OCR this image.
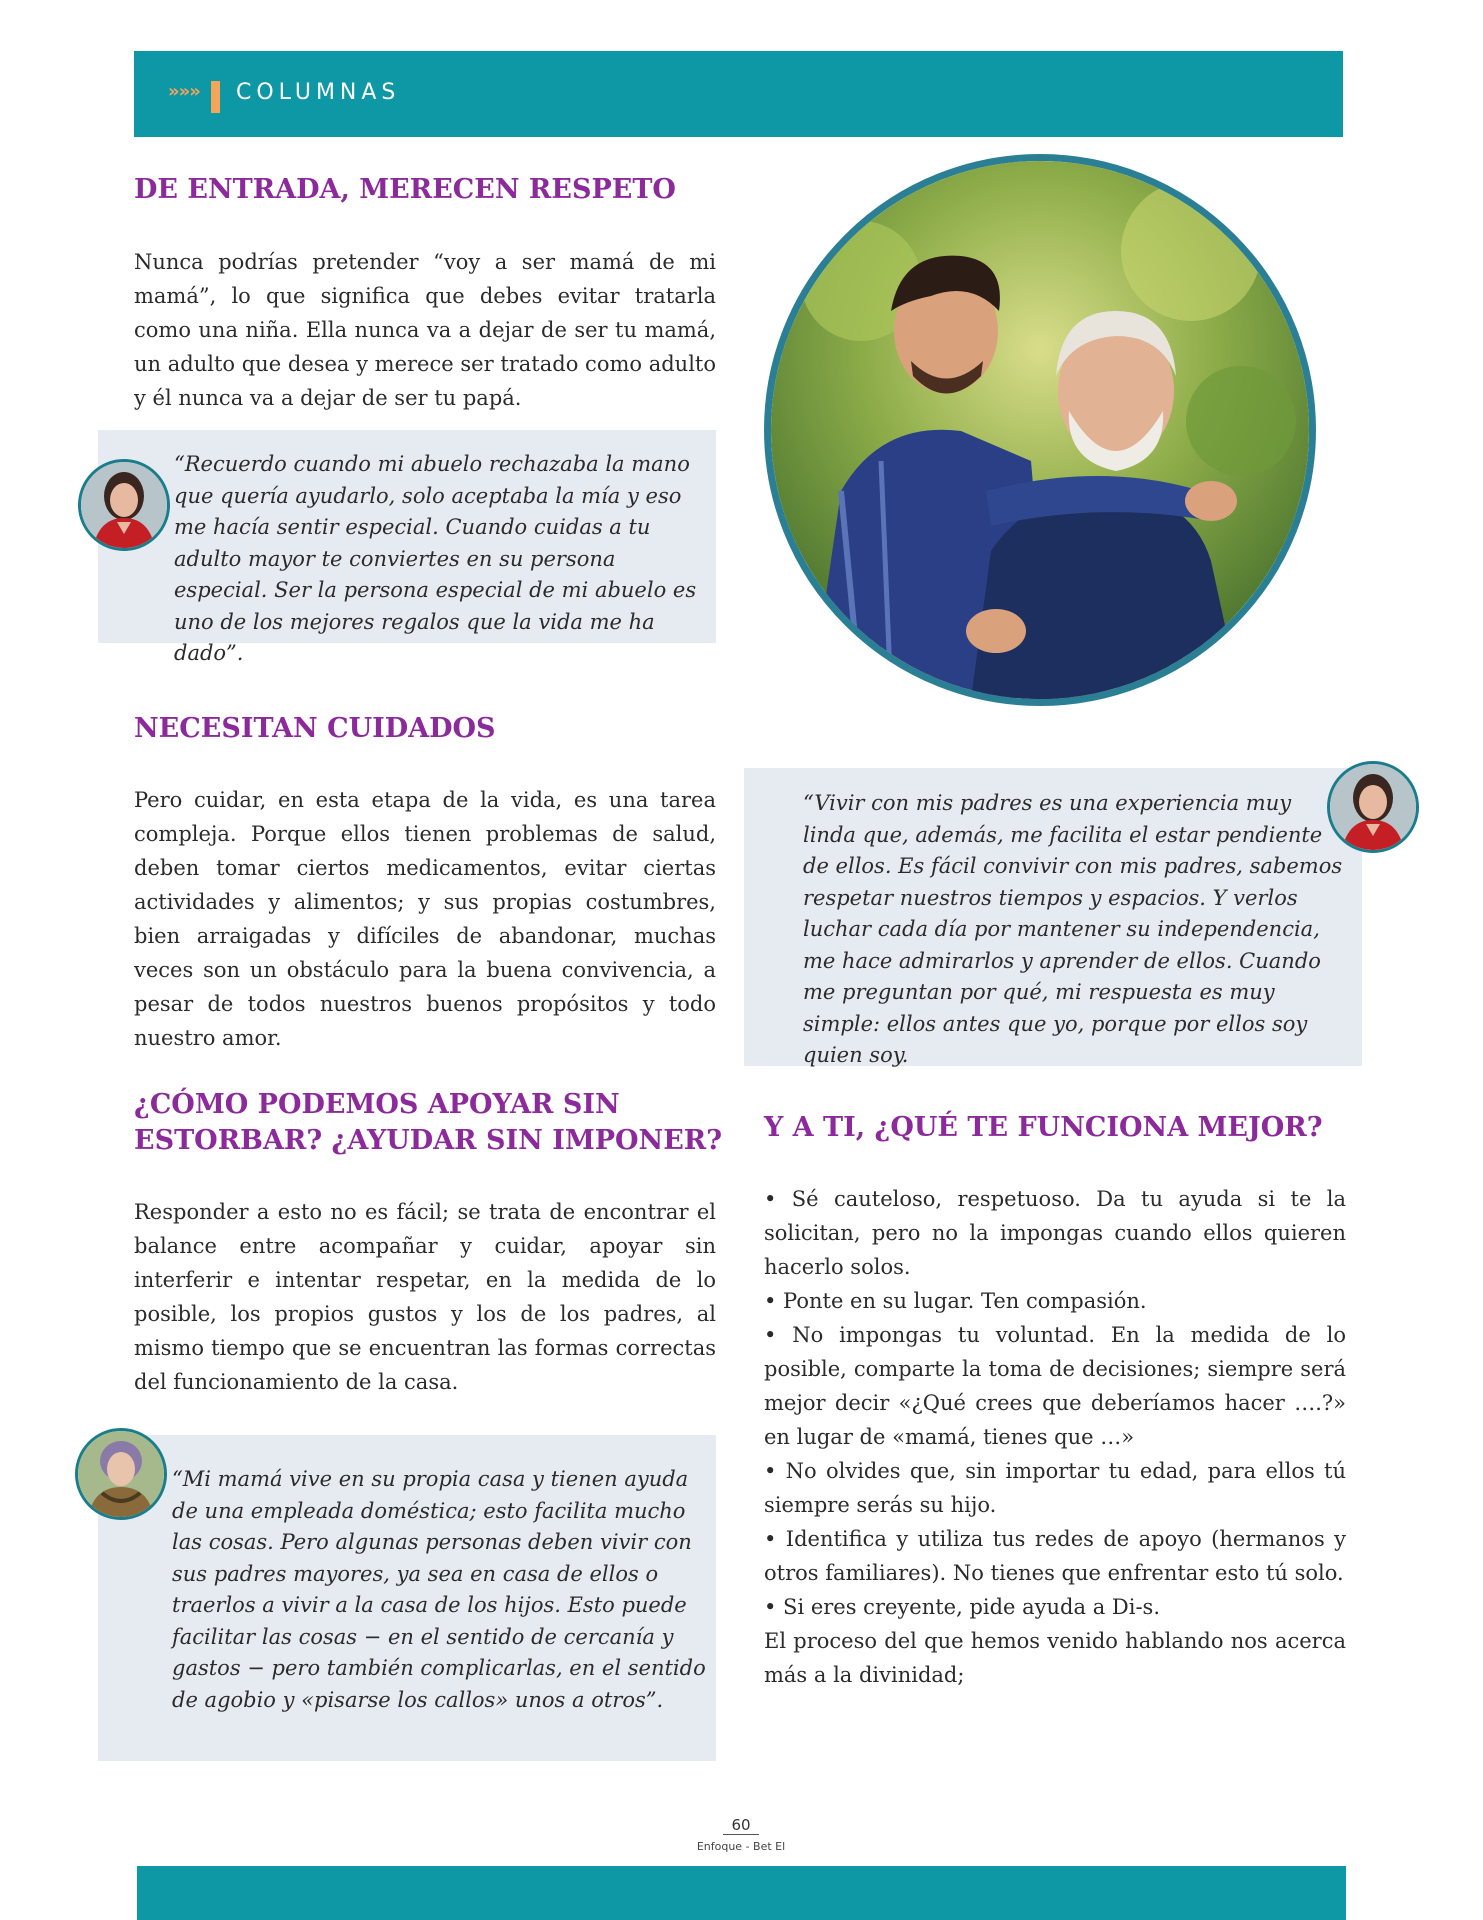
»»» COLUMNAS
DE ENTRADA, MERECEN RESPETO

Nunca podrías pretender “voy a ser mamá de mi mamá”, lo que significa que debes evitar tratarla como una niña. Ella nunca va a dejar de ser tu mamá, un adulto que desea y merece ser tratado como adulto y él nunca va a dejar de ser tu papá.

“Recuerdo cuando mi abuelo rechazaba la mano que quería ayudarlo, solo aceptaba la mía y eso me hacía sentir especial. Cuando cuidas a tu adulto mayor te conviertes en su persona especial. Ser la persona especial de mi abuelo es uno de los mejores regalos que la vida me ha dado”.

NECESITAN CUIDADOS

Pero cuidar, en esta etapa de la vida, es una tarea compleja. Porque ellos tienen problemas de salud, deben tomar ciertos medicamentos, evitar ciertas actividades y alimentos; y sus propias costumbres, bien arraigadas y difíciles de abandonar, muchas veces son un obstáculo para la buena convivencia, a pesar de todos nuestros buenos propósitos y todo nuestro amor.

“Vivir con mis padres es una experiencia muy linda que, además, me facilita el estar pendiente de ellos. Es fácil convivir con mis padres, sabemos respetar nuestros tiempos y espacios. Y verlos luchar cada día por mantener su independencia, me hace admirarlos y aprender de ellos. Cuando me preguntan por qué, mi respuesta es muy simple: ellos antes que yo, porque por ellos soy quien soy.

¿CÓMO PODEMOS APOYAR SIN ESTORBAR? ¿AYUDAR SIN IMPONER?

Responder a esto no es fácil; se trata de encontrar el balance entre acompañar y cuidar, apoyar sin interferir e intentar respetar, en la medida de lo posible, los propios gustos y los de los padres, al mismo tiempo que se encuentran las formas correctas del funcionamiento de la casa.

“Mi mamá vive en su propia casa y tienen ayuda de una empleada doméstica; esto facilita mucho las cosas. Pero algunas personas deben vivir con sus padres mayores, ya sea en casa de ellos o traerlos a vivir a la casa de los hijos. Esto puede facilitar las cosas − en el sentido de cercanía y gastos − pero también complicarlas, en el sentido de agobio y «pisarse los callos» unos a otros”.

Y A TI, ¿QUÉ TE FUNCIONA MEJOR?
• Sé cauteloso, respetuoso. Da tu ayuda si te la solicitan, pero no la impongas cuando ellos quieren hacerlo solos.
• Ponte en su lugar. Ten compasión.
• No impongas tu voluntad. En la medida de lo posible, comparte la toma de decisiones; siempre será mejor decir «¿Qué crees que deberíamos hacer ….?» en lugar de «mamá, tienes que …»
• No olvides que, sin importar tu edad, para ellos tú siempre serás su hijo.
• Identifica y utiliza tus redes de apoyo (hermanos y otros familiares). No tienes que enfrentar esto tú solo.
• Si eres creyente, pide ayuda a Di-s.
El proceso del que hemos venido hablando nos acerca más a la divinidad;
60
Enfoque - Bet El
